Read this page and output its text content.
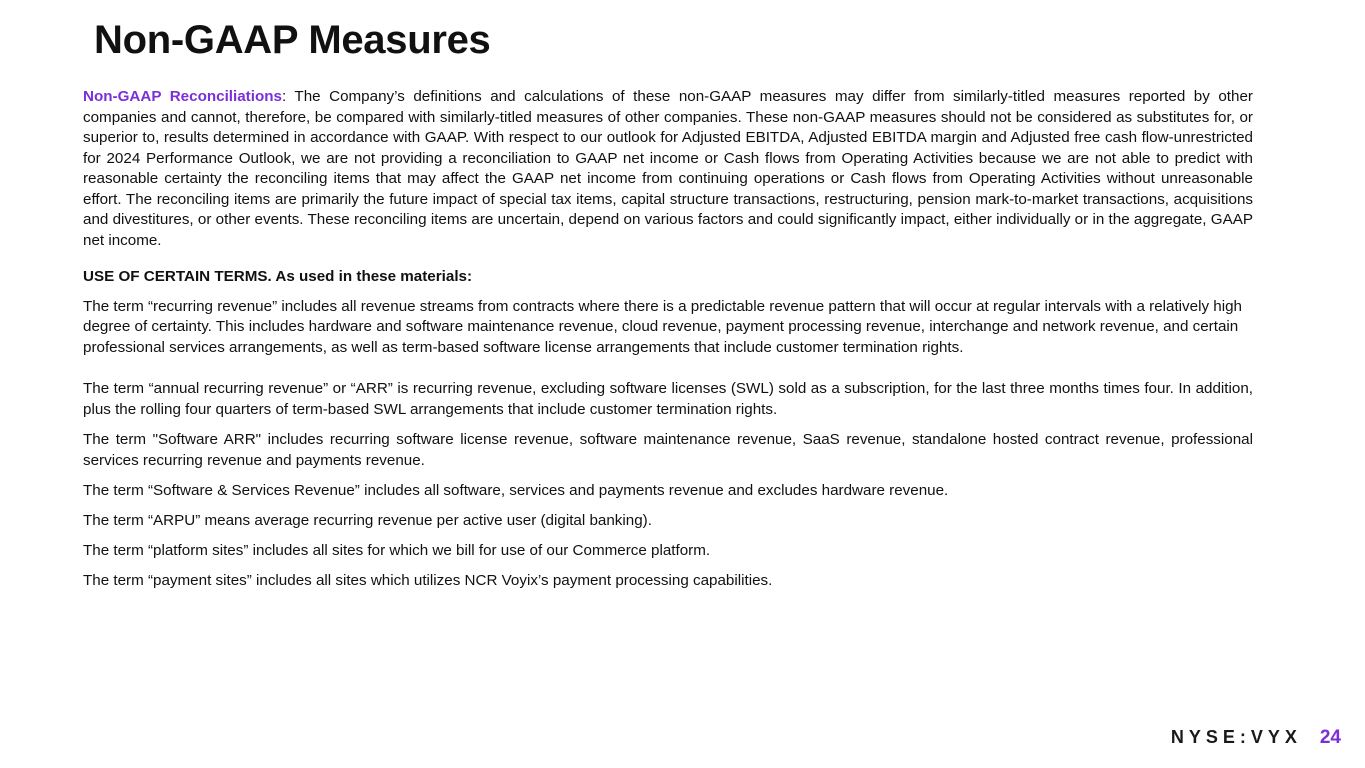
Non-GAAP Measures

Non-GAAP Reconciliations: The Company’s definitions and calculations of these non-GAAP measures may differ from similarly-titled measures reported by other companies and cannot, therefore, be compared with similarly-titled measures of other companies. These non-GAAP measures should not be considered as substitutes for, or superior to, results determined in accordance with GAAP. With respect to our outlook for Adjusted EBITDA, Adjusted EBITDA margin and Adjusted free cash flow-unrestricted for 2024 Performance Outlook, we are not providing a reconciliation to GAAP net income or Cash flows from Operating Activities because we are not able to predict with reasonable certainty the reconciling items that may affect the GAAP net income from continuing operations or Cash flows from Operating Activities without unreasonable effort. The reconciling items are primarily the future impact of special tax items, capital structure transactions, restructuring, pension mark-to-market transactions, acquisitions and divestitures, or other events. These reconciling items are uncertain, depend on various factors and could significantly impact, either individually or in the aggregate, GAAP net income.

USE OF CERTAIN TERMS. As used in these materials:

The term “recurring revenue” includes all revenue streams from contracts where there is a predictable revenue pattern that will occur at regular intervals with a relatively high degree of certainty. This includes hardware and software maintenance revenue, cloud revenue, payment processing revenue, interchange and network revenue, and certain professional services arrangements, as well as term-based software license arrangements that include customer termination rights.

The term “annual recurring revenue” or “ARR” is recurring revenue, excluding software licenses (SWL) sold as a subscription, for the last three months times four. In addition, plus the rolling four quarters of term-based SWL arrangements that include customer termination rights.

The term "Software ARR" includes recurring software license revenue, software maintenance revenue, SaaS revenue, standalone hosted contract revenue, professional services recurring revenue and payments revenue.

The term “Software & Services Revenue” includes all software, services and payments revenue and excludes hardware revenue.

The term “ARPU” means average recurring revenue per active user (digital banking).

The term “platform sites” includes all sites for which we bill for use of our Commerce platform.

The term “payment sites” includes all sites which utilizes NCR Voyix’s payment processing capabilities.

NYSE:VYX 24
